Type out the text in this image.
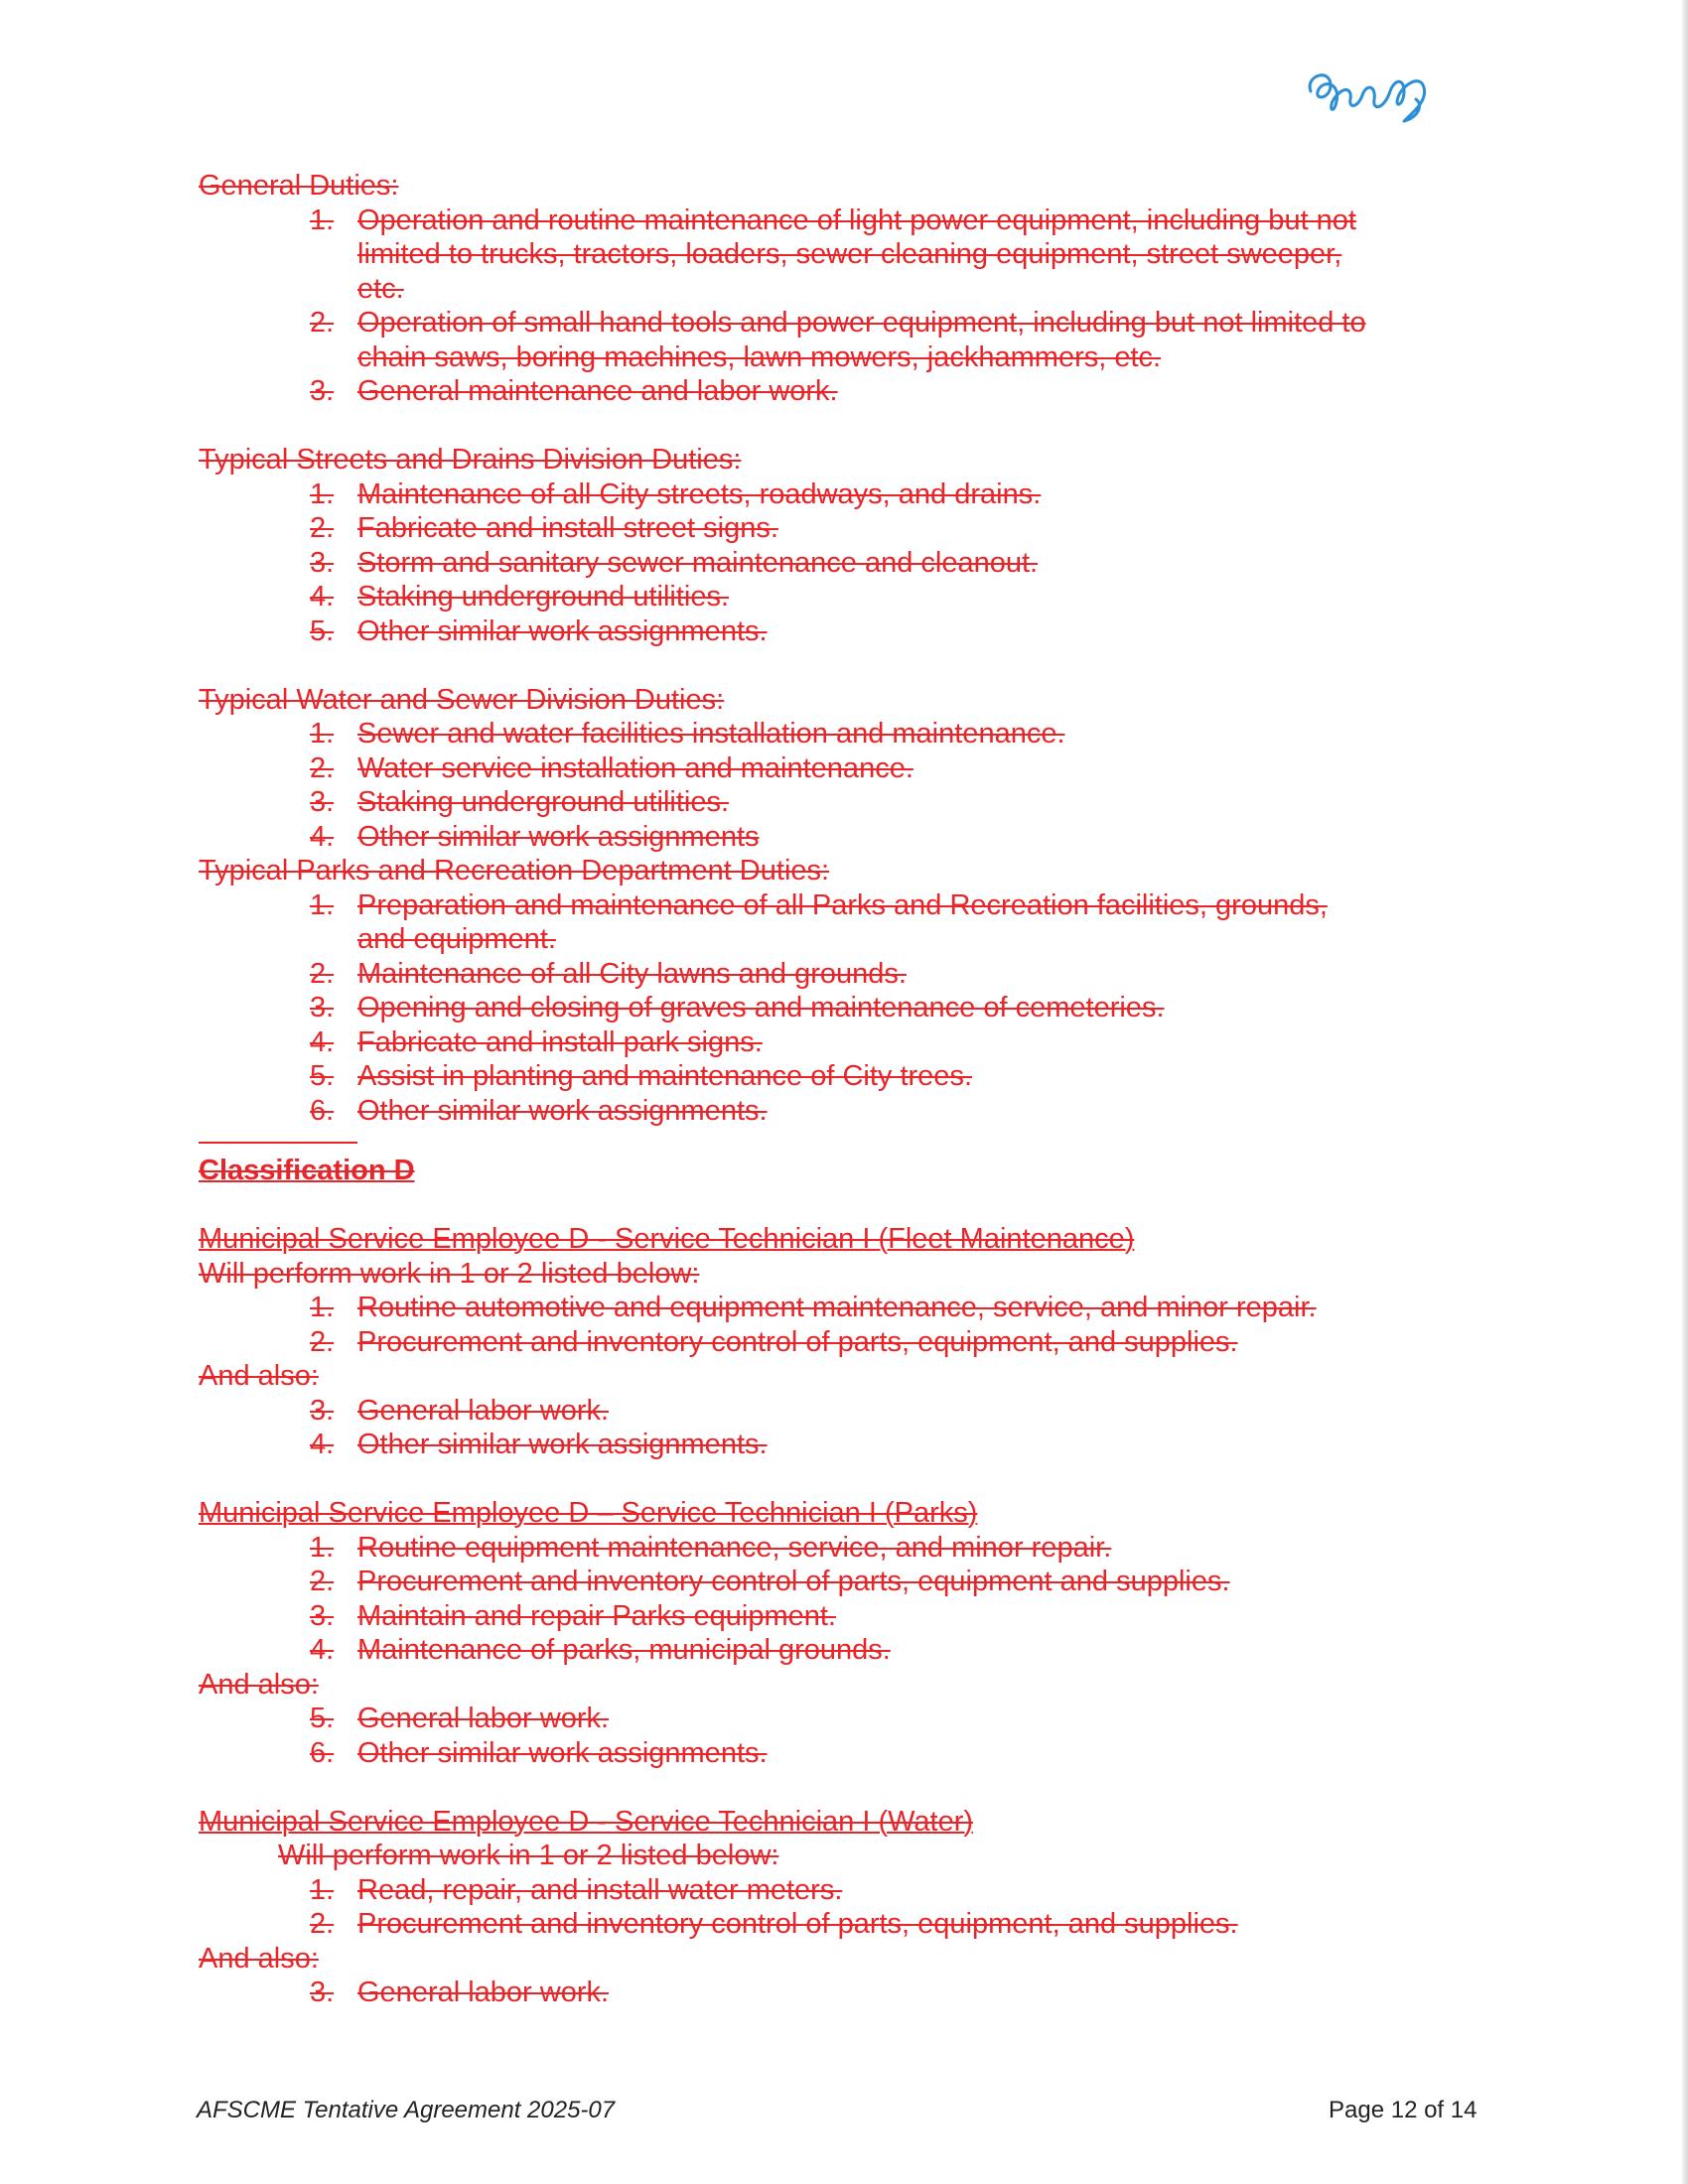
General Duties:
1. Operation and routine maintenance of light power equipment, including but not
limited to trucks, tractors, loaders, sewer cleaning equipment, street sweeper,
etc.
2. Operation of small hand tools and power equipment, including but not limited to
chain saws, boring machines, lawn mowers, jackhammers, etc.
3. General maintenance and labor work.
Typical Streets and Drains Division Duties:
1. Maintenance of all City streets, roadways, and drains.
2. Fabricate and install street signs.
3. Storm and sanitary sewer maintenance and cleanout.
4. Staking underground utilities.
5. Other similar work assignments.
Typical Water and Sewer Division Duties:
1. Sewer and water facilities installation and maintenance.
2. Water service installation and maintenance.
3. Staking underground utilities.
4. Other similar work assignments
Typical Parks and Recreation Department Duties:
1. Preparation and maintenance of all Parks and Recreation facilities, grounds,
and equipment.
2. Maintenance of all City lawns and grounds.
3. Opening and closing of graves and maintenance of cemeteries.
4. Fabricate and install park signs.
5. Assist in planting and maintenance of City trees.
6. Other similar work assignments.
Classification D
Municipal Service Employee D - Service Technician I (Fleet Maintenance)
Will perform work in 1 or 2 listed below:
1. Routine automotive and equipment maintenance, service, and minor repair.
2. Procurement and inventory control of parts, equipment, and supplies.
And also:
3. General labor work.
4. Other similar work assignments.
Municipal Service Employee D – Service Technician I (Parks)
1. Routine equipment maintenance, service, and minor repair.
2. Procurement and inventory control of parts, equipment and supplies.
3. Maintain and repair Parks equipment.
4. Maintenance of parks, municipal grounds.
And also:
5. General labor work.
6. Other similar work assignments.
Municipal Service Employee D - Service Technician I (Water)
Will perform work in 1 or 2 listed below:
1. Read, repair, and install water meters.
2. Procurement and inventory control of parts, equipment, and supplies.
And also:
3. General labor work.
AFSCME Tentative Agreement 2025-07	Page 12 of 14
